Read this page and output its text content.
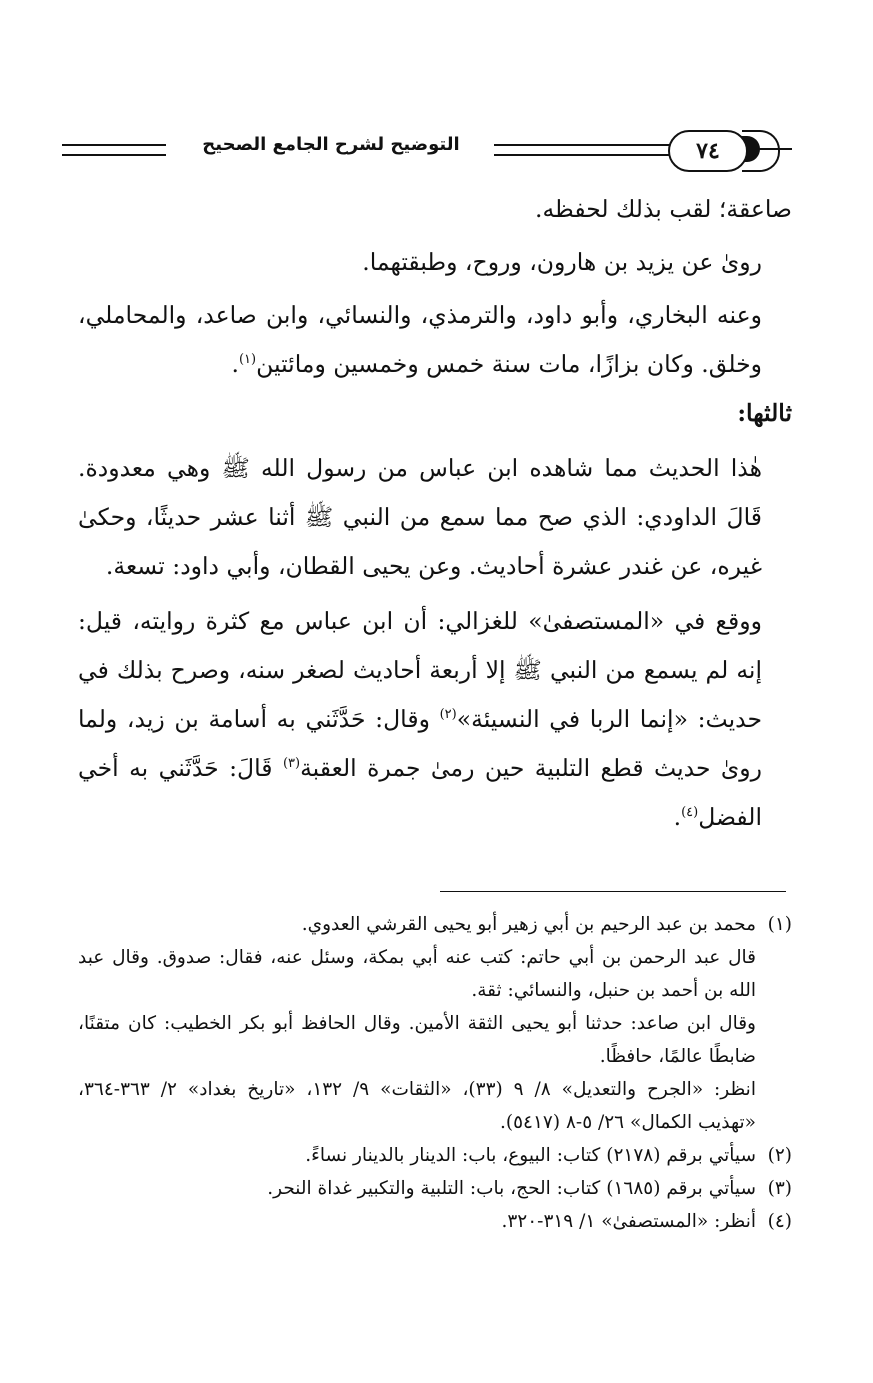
التوضيح لشرح الجامع الصحيح	٧٤

صاعقة؛ لقب بذلك لحفظه.

روىٰ عن يزيد بن هارون، وروح، وطبقتهما.

وعنه البخاري، وأبو داود، والترمذي، والنسائي، وابن صاعد، والمحاملي، وخلق. وكان بزازًا، مات سنة خمس وخمسين ومائتين$^{(١)}$.

ثالثها:

هٰذا الحديث مما شاهده ابن عباس من رسول الله ﷺ وهي معدودة. قَالَ الداودي: الذي صح مما سمع من النبي ﷺ أثنا عشر حديثًا، وحكىٰ غيره، عن غندر عشرة أحاديث. وعن يحيى القطان، وأبي داود: تسعة.

ووقع في «المستصفىٰ» للغزالي: أن ابن عباس مع كثرة روايته، قيل: إنه لم يسمع من النبي ﷺ إلا أربعة أحاديث لصغر سنه، وصرح بذلك في حديث: «إنما الربا في النسيئة»$^{(٢)}$ وقال: حَدَّثَني به أسامة بن زيد، ولما روىٰ حديث قطع التلبية حين رمىٰ جمرة العقبة$^{(٣)}$ قَالَ: حَدَّثَني به أخي الفضل$^{(٤)}$.

(١)

محمد بن عبد الرحيم بن أبي زهير أبو يحيى القرشي العدوي.

قال عبد الرحمن بن أبي حاتم: كتب عنه أبي بمكة، وسئل عنه، فقال: صدوق. وقال عبد الله بن أحمد بن حنبل، والنسائي: ثقة.

وقال ابن صاعد: حدثنا أبو يحيى الثقة الأمين. وقال الحافظ أبو بكر الخطيب: كان متقنًا، ضابطًا عالمًا، حافظًا.

انظر: «الجرح والتعديل» ٨/ ٩ (٣٣)، «الثقات» ٩/ ١٣٢، «تاريخ بغداد» ٢/ ٣٦٣-٣٦٤، «تهذيب الكمال» ٢٦/ ٥-٨ (٥٤١٧).

(٢)

سيأتي برقم (٢١٧٨) كتاب: البيوع، باب: الدينار بالدينار نساءً.

(٣)

سيأتي برقم (١٦٨٥) كتاب: الحج، باب: التلبية والتكبير غداة النحر.

(٤)

أنظر: «المستصفىٰ» ١/ ٣١٩-٣٢٠.
